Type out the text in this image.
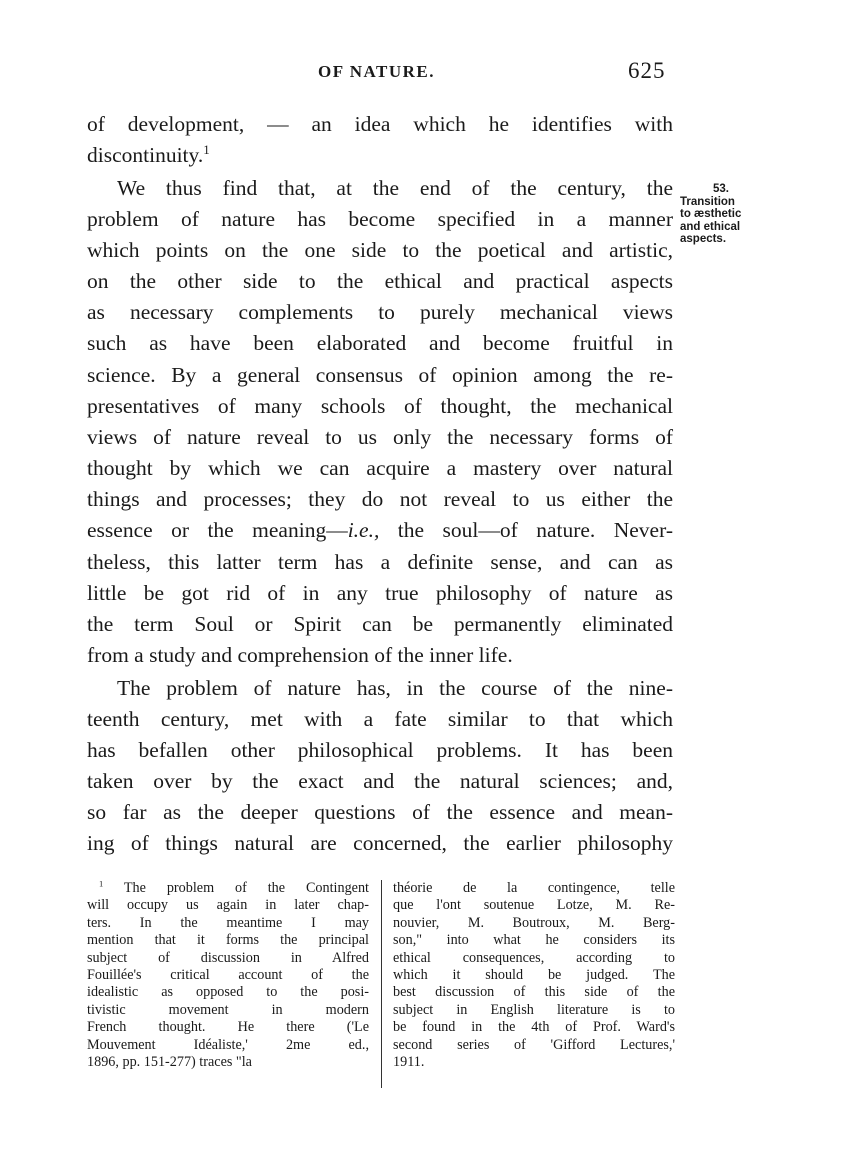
OF NATURE.	625
of development, — an idea which he identifies with
discontinuity.$^1$
We thus find that, at the end of the century, the
problem of nature has become specified in a manner
which points on the one side to the poetical and artistic,
on the other side to the ethical and practical aspects
as necessary complements to purely mechanical views
such as have been elaborated and become fruitful in
science. By a general consensus of opinion among the re-
presentatives of many schools of thought, the mechanical
views of nature reveal to us only the necessary forms of
thought by which we can acquire a mastery over natural
things and processes; they do not reveal to us either the
essence or the meaning—i.e., the soul—of nature. Never-
theless, this latter term has a definite sense, and can as
little be got rid of in any true philosophy of nature as
the term Soul or Spirit can be permanently eliminated
from a study and comprehension of the inner life.
The problem of nature has, in the course of the nine-
teenth century, met with a fate similar to that which
has befallen other philosophical problems. It has been
taken over by the exact and the natural sciences; and,
so far as the deeper questions of the essence and mean-
ing of things natural are concerned, the earlier philosophy
53.
Transition
to æsthetic
and ethical
aspects.
$^1$ The problem of the Contingent
will occupy us again in later chap-
ters. In the meantime I may
mention that it forms the principal
subject of discussion in Alfred
Fouillée's critical account of the
idealistic as opposed to the posi-
tivistic movement in modern
French thought. He there ('Le
Mouvement Idéaliste,' 2me ed.,
1896, pp. 151-277) traces "la
théorie de la contingence, telle
que l'ont soutenue Lotze, M. Re-
nouvier, M. Boutroux, M. Berg-
son," into what he considers its
ethical consequences, according to
which it should be judged. The
best discussion of this side of the
subject in English literature is to
be found in the 4th of Prof. Ward's
second series of 'Gifford Lectures,'
1911.
